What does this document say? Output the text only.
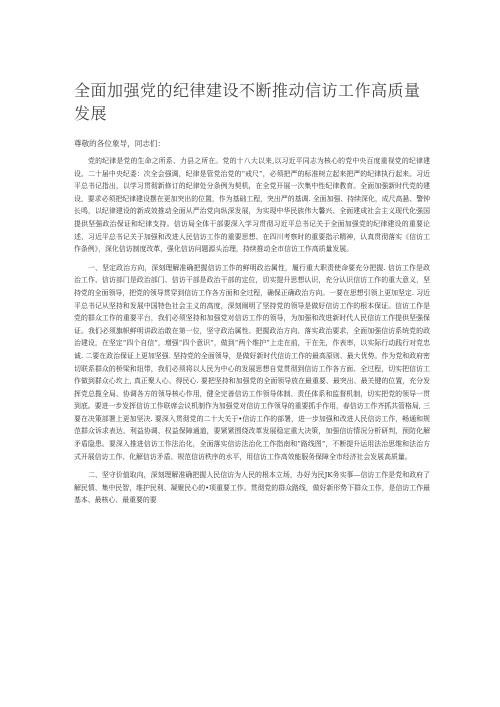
全面加强党的纪律建设不断推动信访工作高质量发展

尊敬的各位象导，同志们：

党的纪律是党的生命之所系、力县之所在。党的十八大以来,以习近平同志为核心的党中央百度重视党的纪律建设。二十届中央纪委：次全会强调，纪律是管党治党的“戒尺”，必须把严的标准树立起来把严的纪律执行起来。习近平总书记指出，以学习贯彻新修订的纪律处分条例为契机，在全党开展一次集中性纪律教育。全面加强新时代党的建设，要求必须把纪律建设摆在更加突出的位置，作为基础工程，突出严的基调. 全面加强、持续深化，成尺高悬、警钟长鸣，以纪律建设的新成效推动全面从严治党向纵深发展，为实现中华民族伟大馨兴、全面建成社会主义现代化强国提供坚强政治保证和纪律支持。信访局全体干部要深入学习贯彻习近平总书记关于全面加强党的纪律建设的重要论述、习近平总书记关于加强和改进人民信访工作的重要思想、在四川考察时的重要指示精神，认真贯彻落实《信访工作条例》，深化信访制度改革，强化信访问题源头治理，持续推动全市信访工作高质量发展。

一、坚定政治方向，深刻理解准确把握信访工作的鲜明政治属性，履行重大职责使命要充分把握. 信访工作是政治工作、信访部门是政治部门、信访干部是政治干部的定位，切实提升思想认识，充分认识信访工作的重大意义，坚持党的全面领导，把党的领导贯穿到信访工作各方面和全过程，确保正确政治方向。一要在思想引领上更加坚定. 习近平总书记从坚持和发展中国特色社会主义的高度，深刻阐明了坚持党的领导是做好信访工作的根本保证。信访工作是党的群众工作的重要平台，我们必须坚持和加强党对信访工作的领导，为加强和改进新时代人民信访工作提供坚强保证。我们必须旗帜鲜明讲政治敢在第一位，坚守政治属性、把握政治方向、落实政治要求，全面加强信访系统党的政治建设，在坚定“四个自信”，增强“四个意识”，做到“两个维护”上走在前，干在先，作表率，以实际行动践行对党忠诚. 二要在政治保证上更加坚强. 坚持党的全面领导，是做好新时代信访工作的最高原则、最大优势。作为党和政府密切联系群众的桥梁和纽带，我们必须将以人民为中心的发展思想自觉贯彻到信访工作各方面、全过程，切实把信访工作做到群众心坎上, 真正聚人心、得民心. 要把坚持和加强党的全面领导放在最重要、最突出、最关键的位置，充分发挥党总揽全局、协调各方的领导核心作用，健全完善信访工作领导体制、责任体系和监督机制，切实把党的领导一贯到底。要进一步发挥信访工作联席会议机制作为加强党对信访工作领导的重要抓手作用，春信访工作齐抓共管格局, 三要在决策部署上更加坚决. 要深入贯彻党的二十大关于•信访工作的部署，进一步加强和改进人民信访工作，畅通和规范群众诉求表达、利益协调、权益保障通道，要紧紧围绕改革发展稳定重大决策，加强信访情况分析研判，预防化解矛盾隐患。要深入推进信访工作法治化，全面落实信访法治化工作指南和“路线图”，不断提升运用法治思维和法治方式开展信访工作、化解信访矛盾、规范信访秩序的水平，用信访工作高效能服务保障全市经济社会发展高质量。

二、坚守价值取向，深刻理解准确把握人民信访为人民的根本立场，办好为民JK务实事—信访工作是党和政府了解民情、集中民智，维护民利、凝聚民心的•项重要工作。贯彻党的群众路线，做好新形势下群众工作，是信访工作最基本、最核心、最重要的要
